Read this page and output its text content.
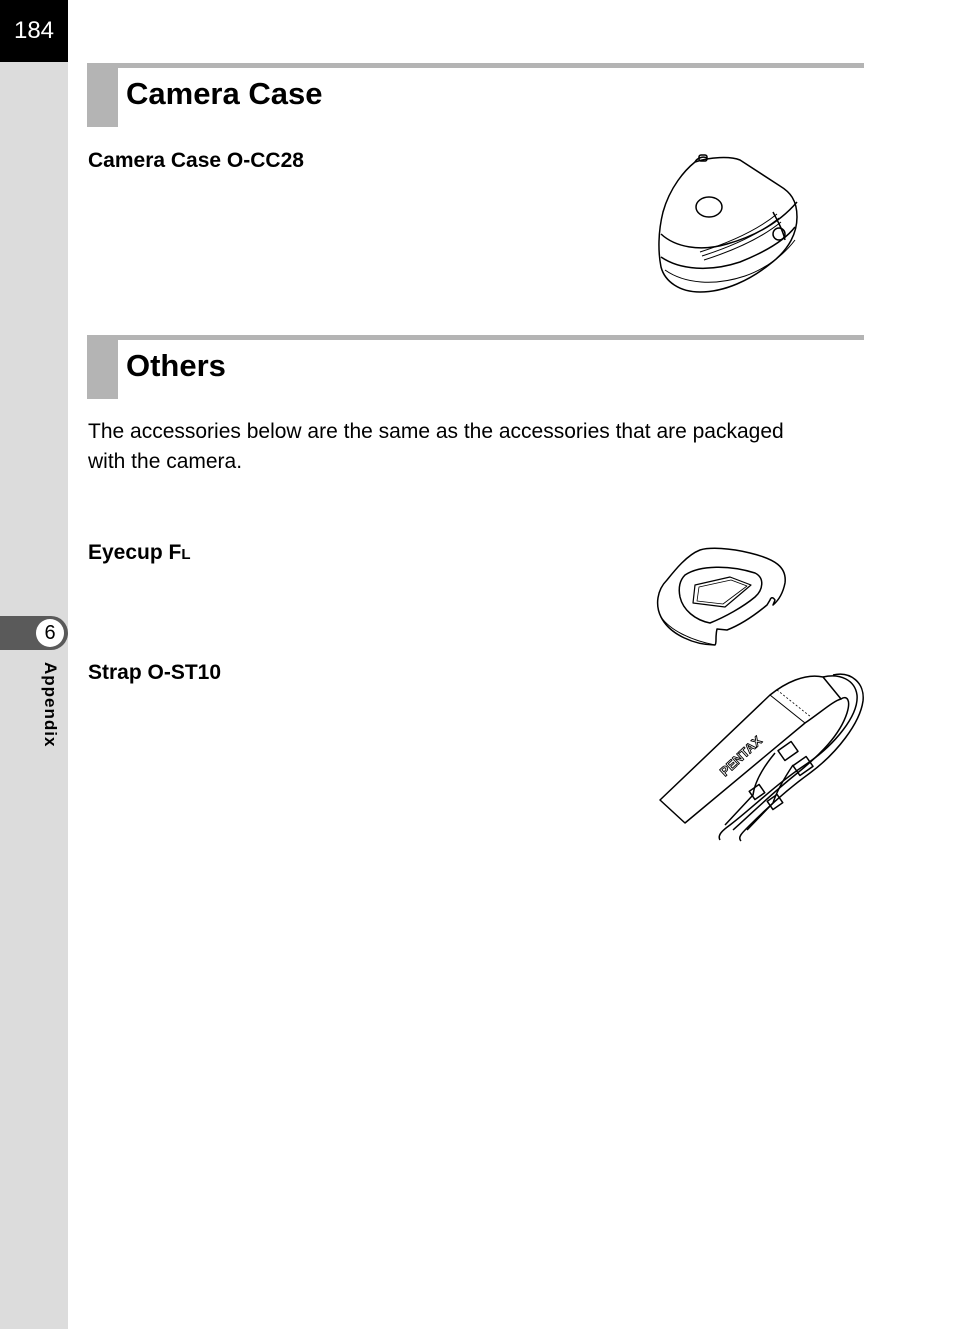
184
6
Appendix
Camera Case
Camera Case O-CC28
Others
The accessories below are the same as the accessories that are packaged with the camera.
Eyecup FL
Strap O-ST10
PENTAX
